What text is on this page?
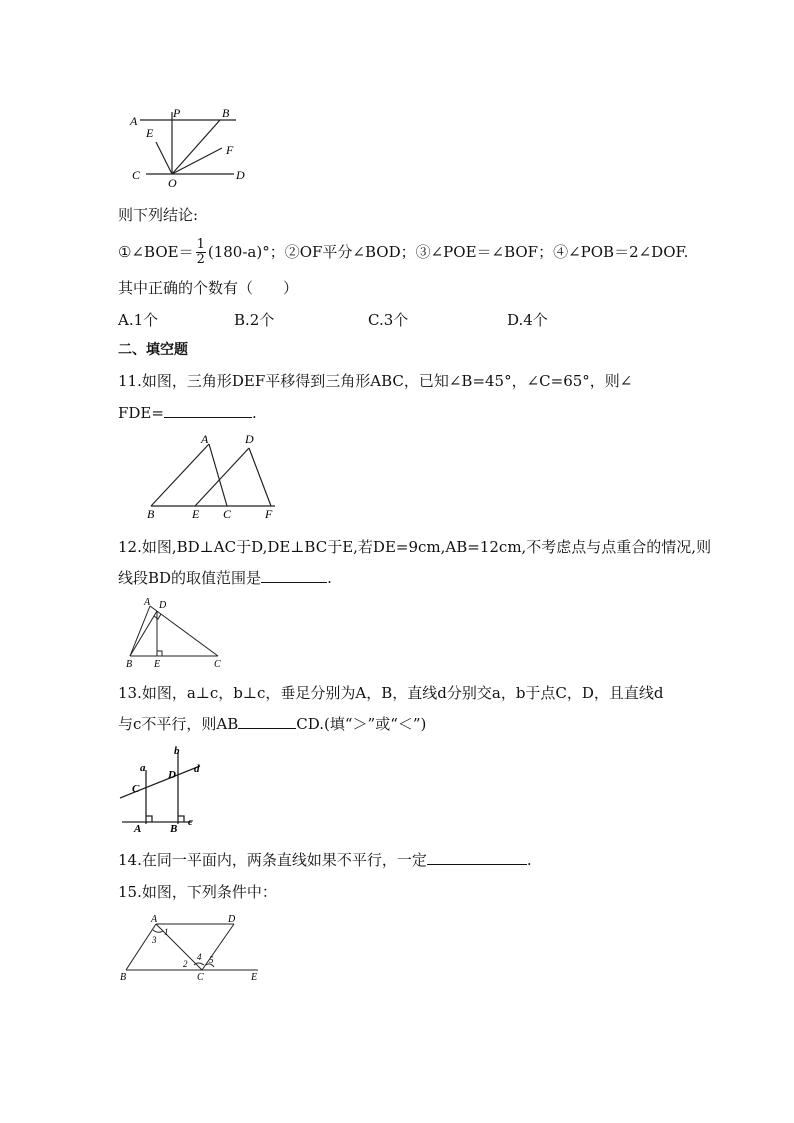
A
P	B
E
F
C
O
D
则下列结论:
①∠BOE＝ $\frac{1}{2} (180-a)^\circ$；②OF平分∠BOD；③∠POE＝∠BOF；④∠POB＝2∠DOF.
其中正确的个数有（　　）
A.1个	B.2个	C.3个	D.4个
二、填空题
11.如图，三角形DEF平移得到三角形ABC，已知∠B=45°，∠C=65°，则∠
FDE=	.
A	D
B	E C	F
12.如图,BD⊥AC于D,DE⊥BC于E,若DE=9cm,AB=12cm,不考虑点与点重合的情况,则
线段BD的取值范围是	.
A D
B E	C
13.如图，a⊥c，b⊥c，垂足分别为A，B，直线d分别交a，b于点C，D，且直线d
与c不平行，则AB	CD.(填“＞”或“＜”)
a
b
d
C
D
A	B
c
14.在同一平面内，两条直线如果不平行，一定	.
15.如图，下列条件中：
A	D
B	C	E
1
3
2
4 5
